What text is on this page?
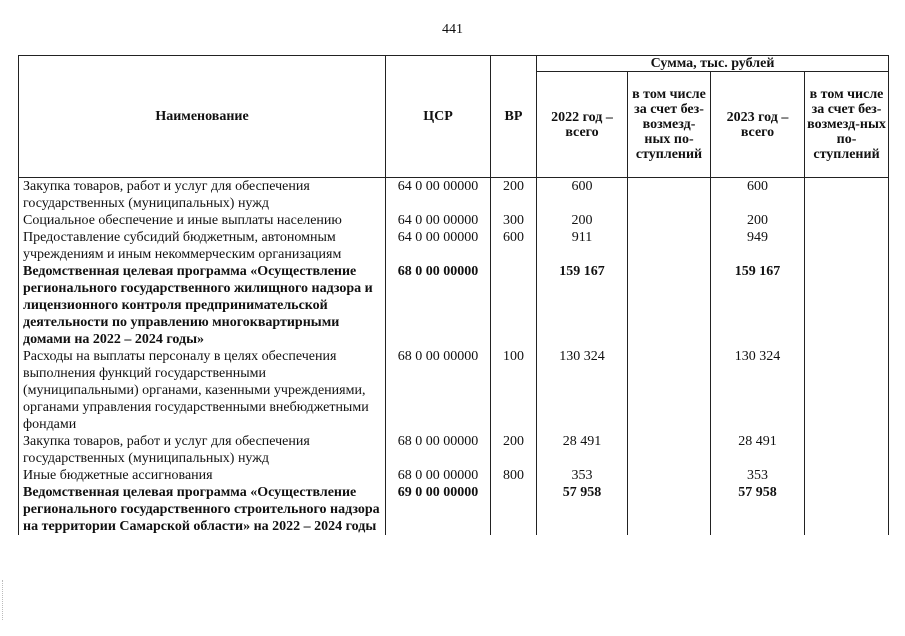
441
Наименование	ЦСР	ВР	Сумма, тыс. рублей			
			2022 год – всего	в том числе за счет без-возмезд-ных по-ступлений	2023 год – всего	в том числе за счет без-возмезд-ных по-ступлений
Закупка товаров, работ и услуг для обеспечения государственных (муниципальных) нужд	64 0 00 00000	200	600		600	
Социальное обеспечение и иные выплаты населению	64 0 00 00000	300	200		200	
Предоставление субсидий бюджетным, автономным учреждениям и иным некоммерческим организациям	64 0 00 00000	600	911		949	
Ведомственная целевая программа «Осуществление регионального государственного жилищного надзора и лицензионного контроля предпринимательской деятельности по управлению многоквартирными домами на 2022 – 2024 годы»	68 0 00 00000		159 167		159 167	
Расходы на выплаты персоналу в целях обеспечения выполнения функций государственными (муниципальными) органами, казенными учреждениями, органами управления государственными внебюджетными фондами	68 0 00 00000	100	130 324		130 324	
Закупка товаров, работ и услуг для обеспечения государственных (муниципальных) нужд	68 0 00 00000	200	28 491		28 491	
Иные бюджетные ассигнования	68 0 00 00000	800	353		353	
Ведомственная целевая программа «Осуществление регионального государственного строительного надзора на территории Самарской области» на 2022 – 2024 годы	69 0 00 00000		57 958		57 958	
